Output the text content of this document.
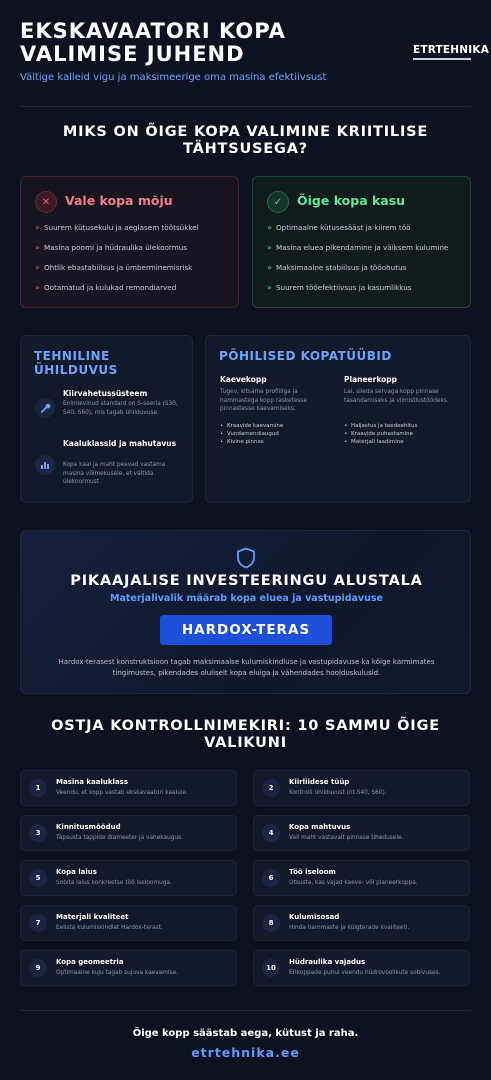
EKSKAVAATORI KOPA VALIMISE JUHEND
Vältige kalleid vigu ja maksimeerige oma masina efektiivsust
ETRTEHNIKA
MIKS ON ÕIGE KOPA VALIMINE KRIITILISE TÄHTSUSEGA?
✕	Vale kopa mõju
» Suurem kütusekulu ja aeglasem töötsükkel
» Masina poomi ja hüdraulika ülekoormus
» Ohtlik ebastabiilsus ja ümberminemisrisk
» Ootamatud ja kulukad remondiarved
✓	Õige kopa kasu
» Optimaalne kütusesääst ja kiirem töö
» Masina eluea pikendamine ja väiksem kulumine
» Maksimaalne stabiilsus ja tööohutus
» Suurem tööefektiivsus ja kasumlikkus
TEHNILINE ÜHILDUVUS
Kiirvahetussüsteem
Enimlevinud standard on S-seeria (S30, S40, S60), mis tagab ühilduvuse.
Kaaluklassid ja mahutavus
Kopa kaal ja maht peavad vastama masina võimekusele, et vältida ülekoormust.
PÕHILISED KOPATÜÜBID
Kaevekopp
Tugev, kitsama profiiliga ja hammastega kopp rasketesse pinnastesse kaevamiseks.
• Kraavide kaevamine
• Vundamendiaugud
• Kivine pinnas
Planeerkopp
Lai, sileda servaga kopp pinnase tasandamiseks ja viimistlustöödeks.
• Haljastus ja teedeehitus
• Kraavide puhastamine
• Materjali laadimine
PIKAAJALISE INVESTEERINGU ALUSTALA
Materjalivalik määrab kopa eluea ja vastupidavuse
HARDOX-TERAS
Hardox-terasest konstruktsioon tagab maksimaalse kulumiskindluse ja vastupidavuse ka kõige karmimates tingimustes, pikendades oluliselt kopa eluiga ja vähendades hoolduskulusid.
OSTJA KONTROLLNIMEKIRI: 10 SAMMU ÕIGE VALIKUNI
1
Masina kaaluklass
Veendu, et kopp vastab ekskavaatori kaalule.
2
Kiirliidese tüüp
Kontrolli ühilduvust (nt S40, S60).
3
Kinnitusmõõdud
Täpsusta tappide diameeter ja vahekaugus.
4
Kopa mahtuvus
Vali maht vastavalt pinnase tihedusele.
5
Kopa laius
Sobita laius konkreetse töö iseloomuga.
6
Töö iseloom
Otsusta, kas vajad kaeve- või planeerkoppa.
7
Materjali kvaliteet
Eelista kulumiskindlat Hardox-terast.
8
Kulumisosad
Hinda hammaste ja külgterade kvaliteeti.
9
Kopa geomeetria
Optimaalne kuju tagab sujuva kaevamise.
10
Hüdraulika vajadus
Erikoppade puhul veendu hüdrovoolikute sobivuses.
Õige kopp säästab aega, kütust ja raha.
etrtehnika.ee
